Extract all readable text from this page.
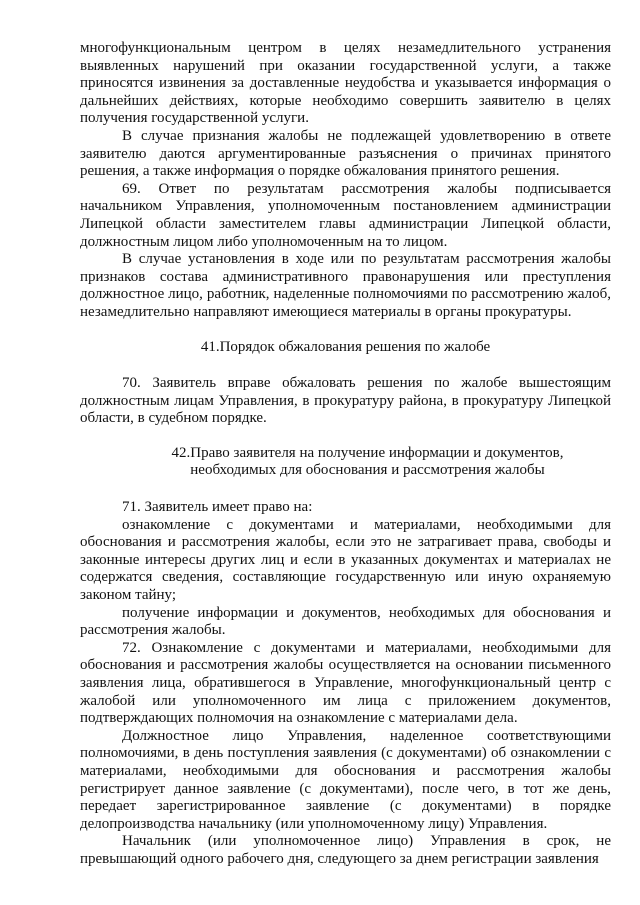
многофункциональным центром в целях незамедлительного устранения выявленных нарушений при оказании государственной услуги, а также приносятся извинения за доставленные неудобства и указывается информация о дальнейших действиях, которые необходимо совершить заявителю в целях получения государственной услуги.

В случае признания жалобы не подлежащей удовлетворению в ответе заявителю даются аргументированные разъяснения о причинах принятого решения, а также информация о порядке обжалования принятого решения.

69. Ответ по результатам рассмотрения жалобы подписывается начальником Управления, уполномоченным постановлением администрации Липецкой области заместителем главы администрации Липецкой области, должностным лицом либо уполномоченным на то лицом.

В случае установления в ходе или по результатам рассмотрения жалобы признаков состава административного правонарушения или преступления должностное лицо, работник, наделенные полномочиями по рассмотрению жалоб, незамедлительно направляют имеющиеся материалы в органы прокуратуры.

41.Порядок обжалования решения по жалобе

70. Заявитель вправе обжаловать решения по жалобе вышестоящим должностным лицам Управления, в прокуратуру района, в прокуратуру Липецкой области, в судебном порядке.

42.Право заявителя на получение информации и документов,

необходимых для обоснования и рассмотрения жалобы

71. Заявитель имеет право на:

ознакомление с документами и материалами, необходимыми для обоснования и рассмотрения жалобы, если это не затрагивает права, свободы и законные интересы других лиц и если в указанных документах и материалах не содержатся сведения, составляющие государственную или иную охраняемую законом тайну;

получение информации и документов, необходимых для обоснования и рассмотрения жалобы.

72. Ознакомление с документами и материалами, необходимыми для обоснования и рассмотрения жалобы осуществляется на основании письменного заявления лица, обратившегося в Управление, многофункциональный центр с жалобой или уполномоченного им лица с приложением документов, подтверждающих полномочия на ознакомление с материалами дела.

Должностное лицо Управления, наделенное соответствующими полномочиями, в день поступления заявления (с документами) об ознакомлении с материалами, необходимыми для обоснования и рассмотрения жалобы регистрирует данное заявление (с документами), после чего, в тот же день, передает зарегистрированное заявление (с документами) в порядке делопроизводства начальнику (или уполномоченному лицу) Управления.

Начальник (или уполномоченное лицо) Управления в срок, не превышающий одного рабочего дня, следующего за днем регистрации заявления
